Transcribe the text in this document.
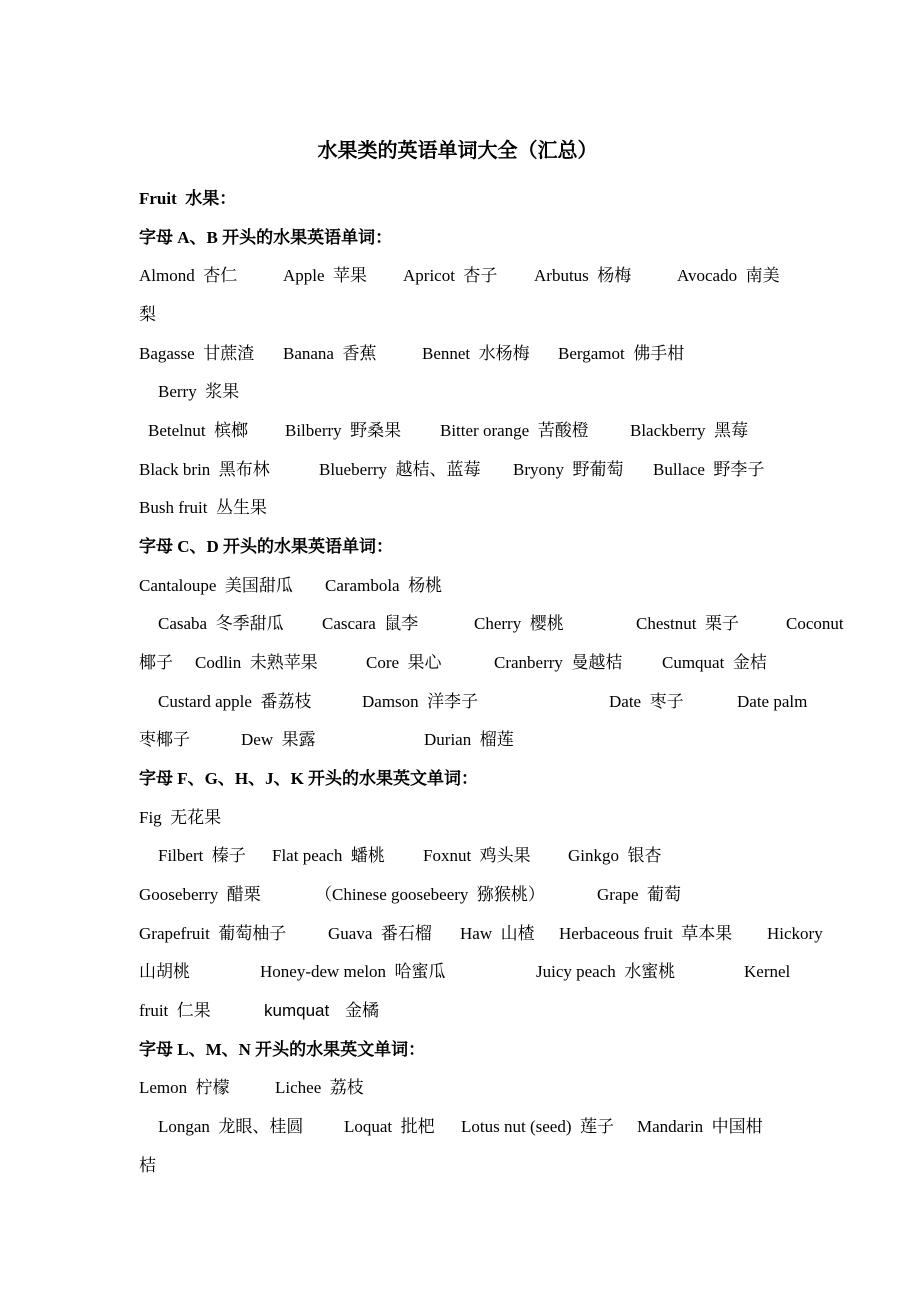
水果类的英语单词大全（汇总）
Fruit  水果：
字母 A、B 开头的水果英语单词：

Almond  杏仁

	Apple  苹果

Apricot  杏子

Arbutus  杨梅

	Avocado  南美

梨

Bagasse  甘蔗渣

Banana  香蕉

	Bennet  水杨梅

Bergamot  佛手柑

Berry  浆果

Betelnut  槟榔

Bilberry  野桑果

Bitter orange  苦酸橙

Blackberry  黑莓

Black brin  黑布林

	Blueberry  越桔、蓝莓

Bryony  野葡萄

Bullace  野李子

Bush fruit  丛生果
字母 C、D 开头的水果英语单词：

Cantaloupe  美国甜瓜

Carambola  杨桃

Casaba  冬季甜瓜

Cascara  鼠李

	Cherry  樱桃

	Chestnut  栗子

	Coconut

椰子

Codlin  未熟苹果

	Core  果心

	Cranberry  曼越桔

Cumquat  金桔

Custard apple  番荔枝

	Damson  洋李子

	Date  枣子

	Date palm

枣椰子

	Dew  果露

	Durian  榴莲

字母 F、G、H、J、K 开头的水果英文单词：
Fig  无花果

Filbert  榛子

Flat peach  蟠桃

Foxnut  鸡头果

Ginkgo  银杏

Gooseberry  醋栗

	（Chinese goosebeery  猕猴桃）

	Grape  葡萄

Grapefruit  葡萄柚子

Guava  番石榴

Haw  山楂

Herbaceous fruit  草本果

Hickory

山胡桃

	Honey-dew melon  哈蜜瓜

	Juicy peach  水蜜桃

	Kernel

fruit  仁果

	kumquat

金橘

字母 L、M、N 开头的水果英文单词：

Lemon  柠檬

	Lichee  荔枝

Longan  龙眼、桂圆

Loquat  批杷

Lotus nut (seed)  莲子

Mandarin  中国柑

桔
